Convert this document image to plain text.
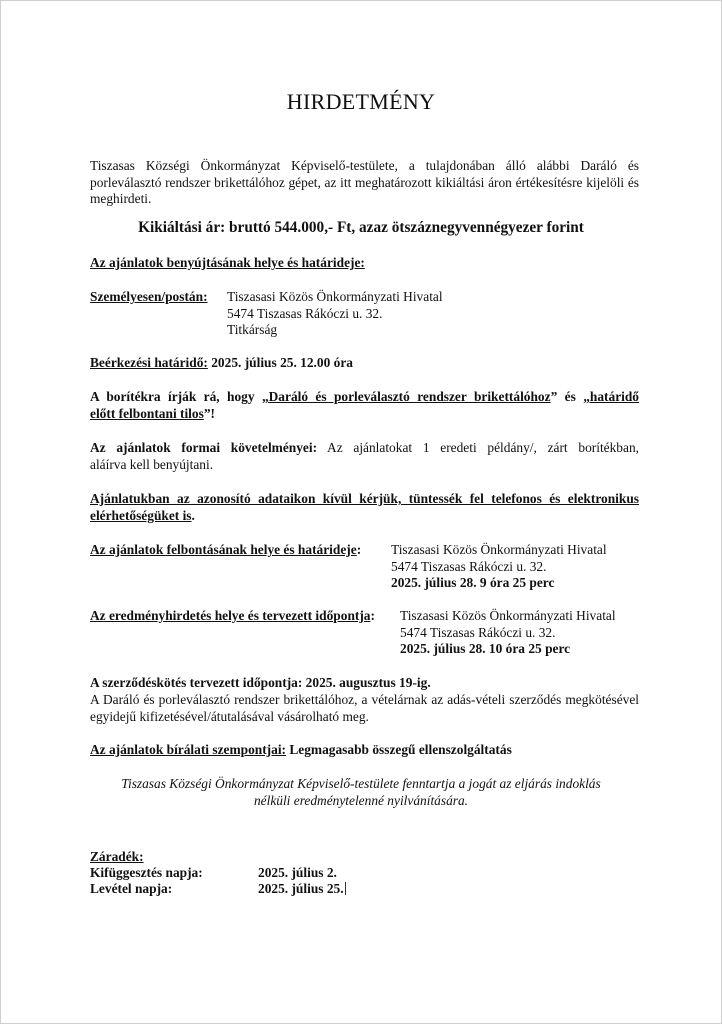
HIRDETMÉNY
Tiszasas Községi Önkormányzat Képviselő-testülete, a tulajdonában álló alábbi Daráló és porleválasztó rendszer brikettálóhoz gépet, az itt meghatározott kikiáltási áron értékesítésre kijelöli és meghirdeti.
Kikiáltási ár: bruttó 544.000,- Ft, azaz ötszáznegyvennégyezer forint
Az ajánlatok benyújtásának helye és határideje:
Személyesen/postán: Tiszasasi Közös Önkormányzati Hivatal
5474 Tiszasas Rákóczi u. 32.
Titkárság
Beérkezési határidő: 2025. július 25. 12.00 óra
A borítékra írják rá, hogy „Daráló és porleválasztó rendszer brikettálóhoz” és „határidő
előtt felbontani tilos”!
Az ajánlatok formai követelményei: Az ajánlatokat 1 eredeti példány/, zárt borítékban,
aláírva kell benyújtani.
Ajánlatukban az azonosító adataikon kívül kérjük, tüntessék fel telefonos és elektronikus
elérhetőségüket is.
Az ajánlatok felbontásának helye és határideje: Tiszasasi Közös Önkormányzati Hivatal
5474 Tiszasas Rákóczi u. 32.
2025. július 28. 9 óra 25 perc
Az eredményhirdetés helye és tervezett időpontja: Tiszasasi Közös Önkormányzati Hivatal
5474 Tiszasas Rákóczi u. 32.
2025. július 28. 10 óra 25 perc
A szerződéskötés tervezett időpontja: 2025. augusztus 19-ig.
A Daráló és porleválasztó rendszer brikettálóhoz, a vételárnak az adás-vételi szerződés megkötésével egyidejű kifizetésével/átutalásával vásárolható meg.
Az ajánlatok bírálati szempontjai: Legmagasabb összegű ellenszolgáltatás
Tiszasas Községi Önkormányzat Képviselő-testülete fenntartja a jogát az eljárás indoklás
nélküli eredménytelenné nyilvánítására.
Záradék:
Kifüggesztés napja:	2025. július 2.
Levétel napja:	2025. július 25.
